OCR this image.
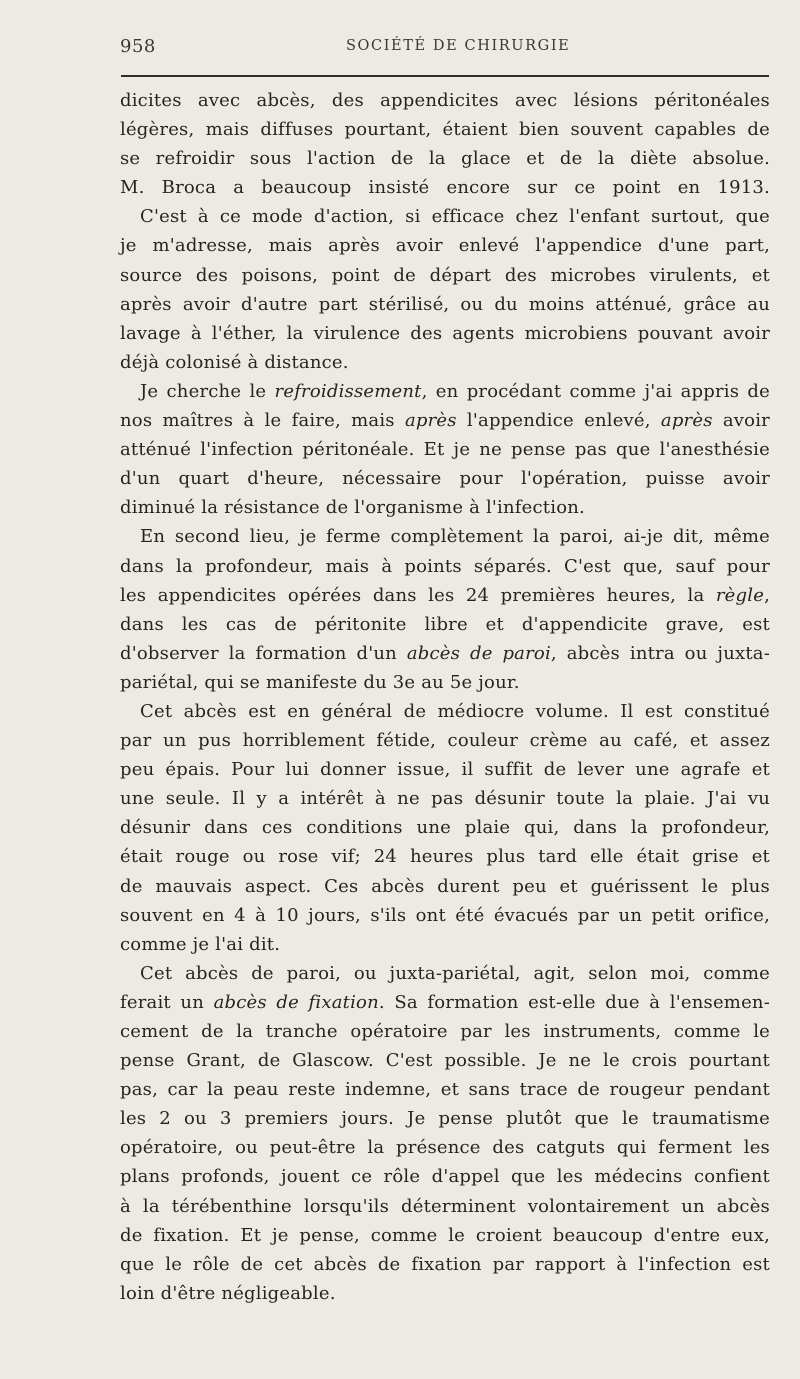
958	SOCIÉTÉ DE CHIRURGIE
dicites avec abcès, des appendicites avec lésions péritonéales
légères, mais diffuses pourtant, étaient bien souvent capables de
se refroidir sous l'action de la glace et de la diète absolue.
M. Broca a beaucoup insisté encore sur ce point en 1913.
C'est à ce mode d'action, si efficace chez l'enfant surtout, que
je m'adresse, mais après avoir enlevé l'appendice d'une part,
source des poisons, point de départ des microbes virulents, et
après avoir d'autre part stérilisé, ou du moins atténué, grâce au
lavage à l'éther, la virulence des agents microbiens pouvant avoir
déjà colonisé à distance.
Je cherche le refroidissement, en procédant comme j'ai appris de
nos maîtres à le faire, mais après l'appendice enlevé, après avoir
atténué l'infection péritonéale. Et je ne pense pas que l'anesthésie
d'un quart d'heure, nécessaire pour l'opération, puisse avoir
diminué la résistance de l'organisme à l'infection.
En second lieu, je ferme complètement la paroi, ai-je dit, même
dans la profondeur, mais à points séparés. C'est que, sauf pour
les appendicites opérées dans les 24 premières heures, la règle,
dans les cas de péritonite libre et d'appendicite grave, est
d'observer la formation d'un abcès de paroi, abcès intra ou juxta-
pariétal, qui se manifeste du 3e au 5e jour.
Cet abcès est en général de médiocre volume. Il est constitué
par un pus horriblement fétide, couleur crème au café, et assez
peu épais. Pour lui donner issue, il suffit de lever une agrafe et
une seule. Il y a intérêt à ne pas désunir toute la plaie. J'ai vu
désunir dans ces conditions une plaie qui, dans la profondeur,
était rouge ou rose vif; 24 heures plus tard elle était grise et
de mauvais aspect. Ces abcès durent peu et guérissent le plus
souvent en 4 à 10 jours, s'ils ont été évacués par un petit orifice,
comme je l'ai dit.
Cet abcès de paroi, ou juxta-pariétal, agit, selon moi, comme
ferait un abcès de fixation. Sa formation est-elle due à l'ensemen-
cement de la tranche opératoire par les instruments, comme le
pense Grant, de Glascow. C'est possible. Je ne le crois pourtant
pas, car la peau reste indemne, et sans trace de rougeur pendant
les 2 ou 3 premiers jours. Je pense plutôt que le traumatisme
opératoire, ou peut-être la présence des catguts qui ferment les
plans profonds, jouent ce rôle d'appel que les médecins confient
à la térébenthine lorsqu'ils déterminent volontairement un abcès
de fixation. Et je pense, comme le croient beaucoup d'entre eux,
que le rôle de cet abcès de fixation par rapport à l'infection est
loin d'être négligeable.
